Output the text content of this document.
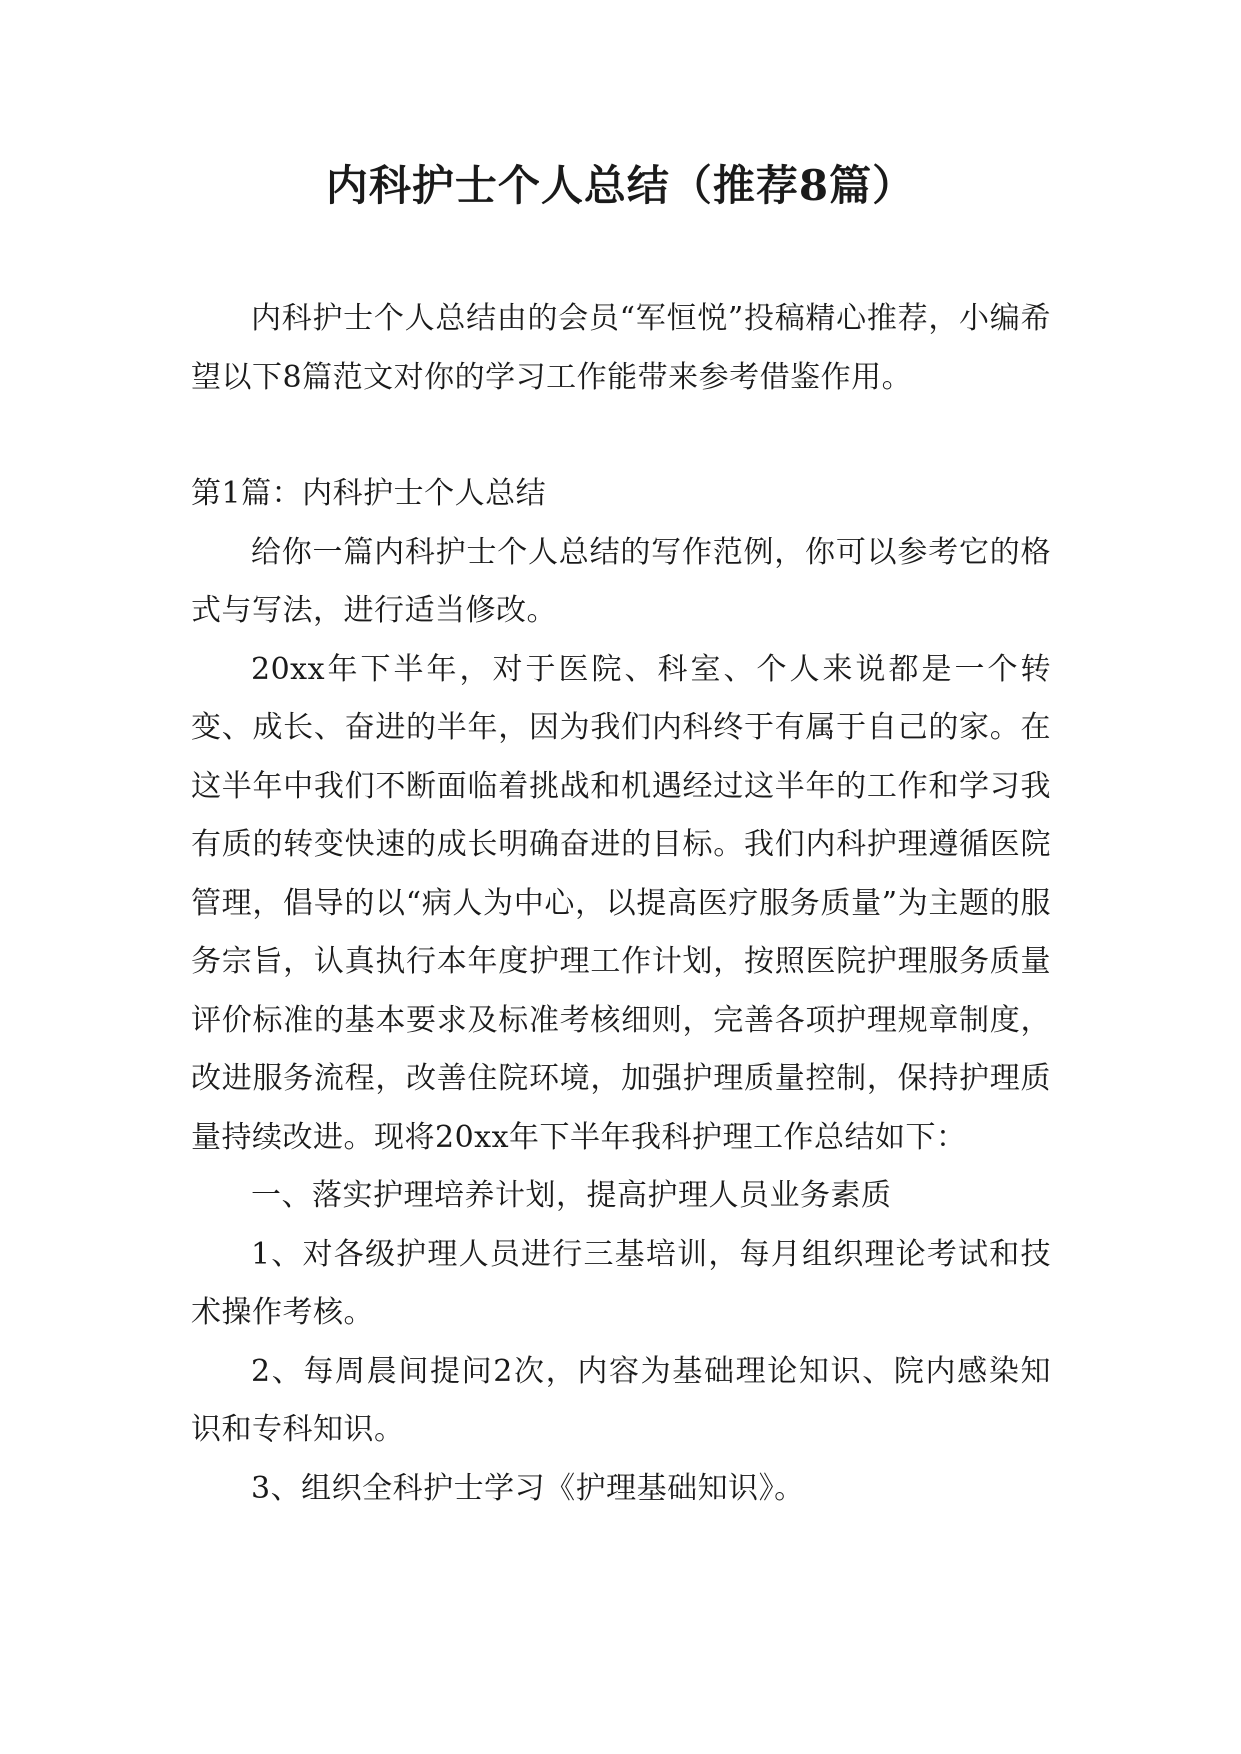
内科护士个人总结（推荐8篇）

内科护士个人总结由的会员“军恒悦”投稿精心推荐，小编希望以下8篇范文对你的学习工作能带来参考借鉴作用。

第1篇：内科护士个人总结

给你一篇内科护士个人总结的写作范例，你可以参考它的格式与写法，进行适当修改。

20xx年下半年，对于医院、科室、个人来说都是一个转变、成长、奋进的半年，因为我们内科终于有属于自己的家。在这半年中我们不断面临着挑战和机遇经过这半年的工作和学习我有质的转变快速的成长明确奋进的目标。我们内科护理遵循医院管理，倡导的以“病人为中心，以提高医疗服务质量”为主题的服务宗旨，认真执行本年度护理工作计划，按照医院护理服务质量评价标准的基本要求及标准考核细则，完善各项护理规章制度，改进服务流程，改善住院环境，加强护理质量控制，保持护理质量持续改进。现将20xx年下半年我科护理工作总结如下：

一、落实护理培养计划，提高护理人员业务素质

1、对各级护理人员进行三基培训，每月组织理论考试和技术操作考核。

2、每周晨间提问2次，内容为基础理论知识、院内感染知识和专科知识。

3、组织全科护士学习《护理基础知识》。
